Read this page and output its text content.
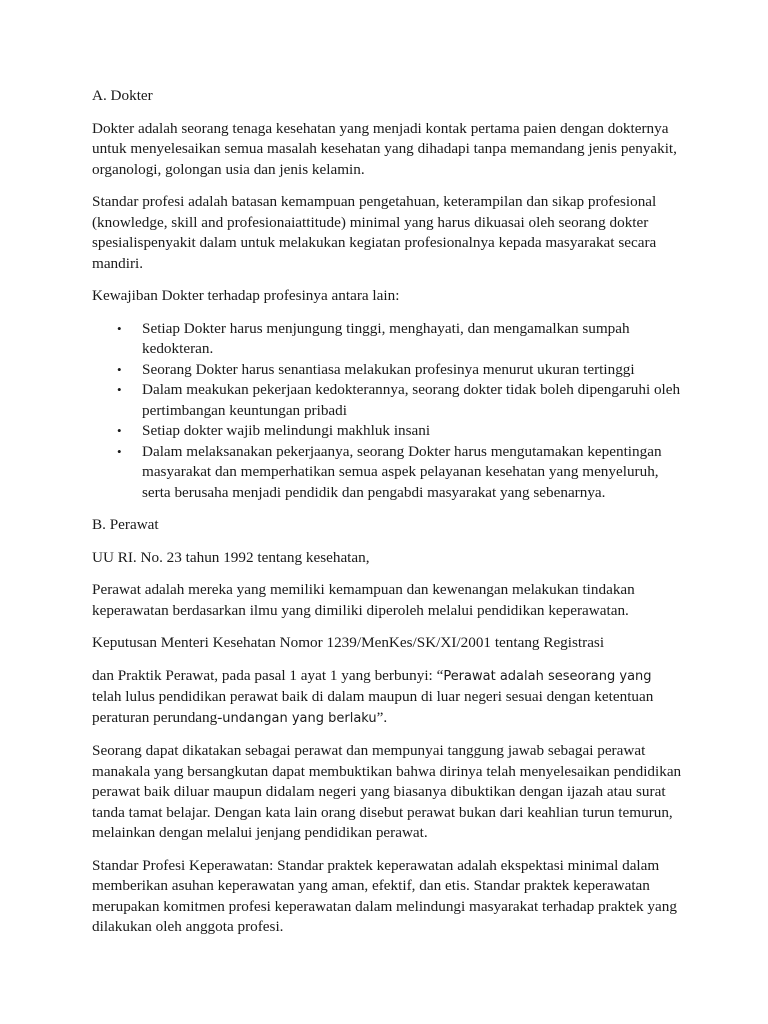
A. Dokter

Dokter adalah seorang tenaga kesehatan yang menjadi kontak pertama paien dengan dokternya untuk menyelesaikan semua masalah kesehatan yang dihadapi tanpa memandang jenis penyakit, organologi, golongan usia dan jenis kelamin.

Standar profesi adalah batasan kemampuan pengetahuan, keterampilan dan sikap profesional (knowledge, skill and profesionaiattitude) minimal yang harus dikuasai oleh seorang dokter spesialispenyakit dalam untuk melakukan kegiatan profesionalnya kepada masyarakat secara mandiri.

Kewajiban Dokter terhadap profesinya antara lain:

• Setiap Dokter harus menjungung tinggi, menghayati, dan mengamalkan sumpah kedokteran.
• Seorang Dokter harus senantiasa melakukan profesinya menurut ukuran tertinggi
• Dalam meakukan pekerjaan kedokterannya, seorang dokter tidak boleh dipengaruhi oleh pertimbangan keuntungan pribadi
• Setiap dokter wajib melindungi makhluk insani
• Dalam melaksanakan pekerjaanya, seorang Dokter harus mengutamakan kepentingan masyarakat dan memperhatikan semua aspek pelayanan kesehatan yang menyeluruh, serta berusaha menjadi pendidik dan pengabdi masyarakat yang sebenarnya.

B. Perawat

UU RI. No. 23 tahun 1992 tentang kesehatan,

Perawat adalah mereka yang memiliki kemampuan dan kewenangan melakukan tindakan keperawatan berdasarkan ilmu yang dimiliki diperoleh melalui pendidikan keperawatan.

Keputusan Menteri Kesehatan Nomor 1239/MenKes/SK/XI/2001 tentang Registrasi

dan Praktik Perawat, pada pasal 1 ayat 1 yang berbunyi: “Perawat adalah seseorang yang telah lulus pendidikan perawat baik di dalam maupun di luar negeri sesuai dengan ketentuan peraturan perundang-undangan yang berlaku”.

Seorang dapat dikatakan sebagai perawat dan mempunyai tanggung jawab sebagai perawat manakala yang bersangkutan dapat membuktikan bahwa dirinya telah menyelesaikan pendidikan perawat baik diluar maupun didalam negeri yang biasanya dibuktikan dengan ijazah atau surat tanda tamat belajar. Dengan kata lain orang disebut perawat bukan dari keahlian turun temurun, melainkan dengan melalui jenjang pendidikan perawat.

Standar Profesi Keperawatan: Standar praktek keperawatan adalah ekspektasi minimal dalam memberikan asuhan keperawatan yang aman, efektif, dan etis. Standar praktek keperawatan merupakan komitmen profesi keperawatan dalam melindungi masyarakat terhadap praktek yang dilakukan oleh anggota profesi.
